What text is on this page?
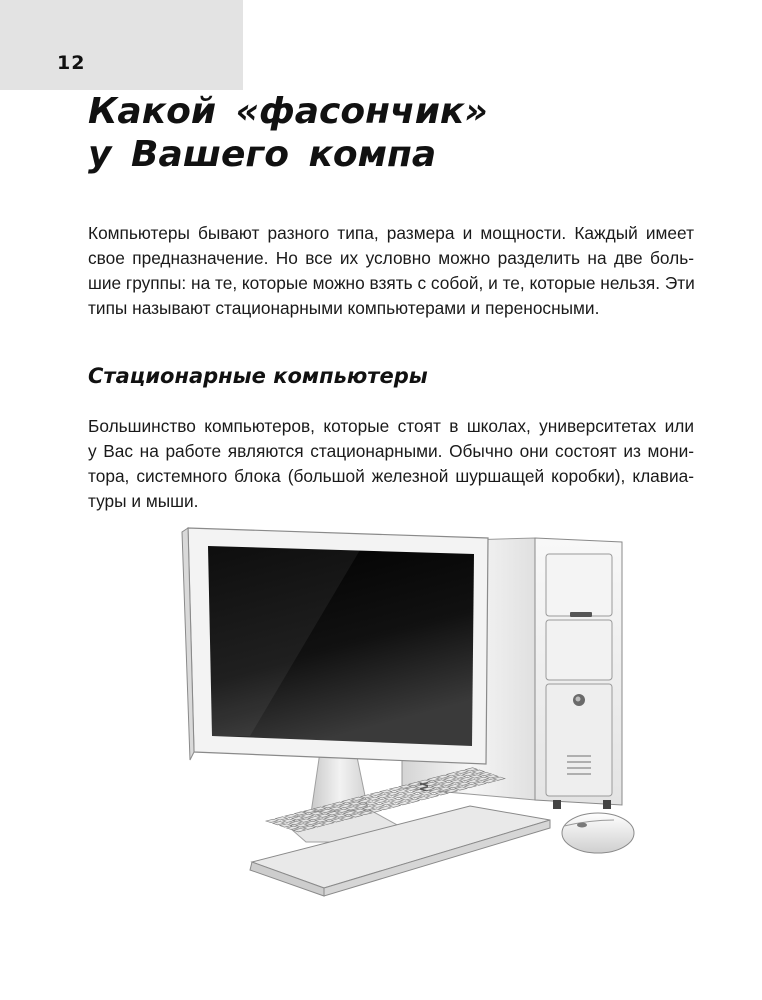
12
Какой «фасончик»
у Вашего компа

Компьютеры бывают разного типа, размера и мощности. Каждый имеет
свое предназначение. Но все их условно можно разделить на две боль-
шие группы: на те, которые можно взять с собой, и те, которые нельзя. Эти
типы называют стационарными компьютерами и переносными.

Стационарные компьютеры

Большинство компьютеров, которые стоят в школах, университетах или
у Вас на работе являются стационарными. Обычно они состоят из мони-
тора, системного блока (большой железной шуршащей коробки), клавиа-
туры и мыши.
